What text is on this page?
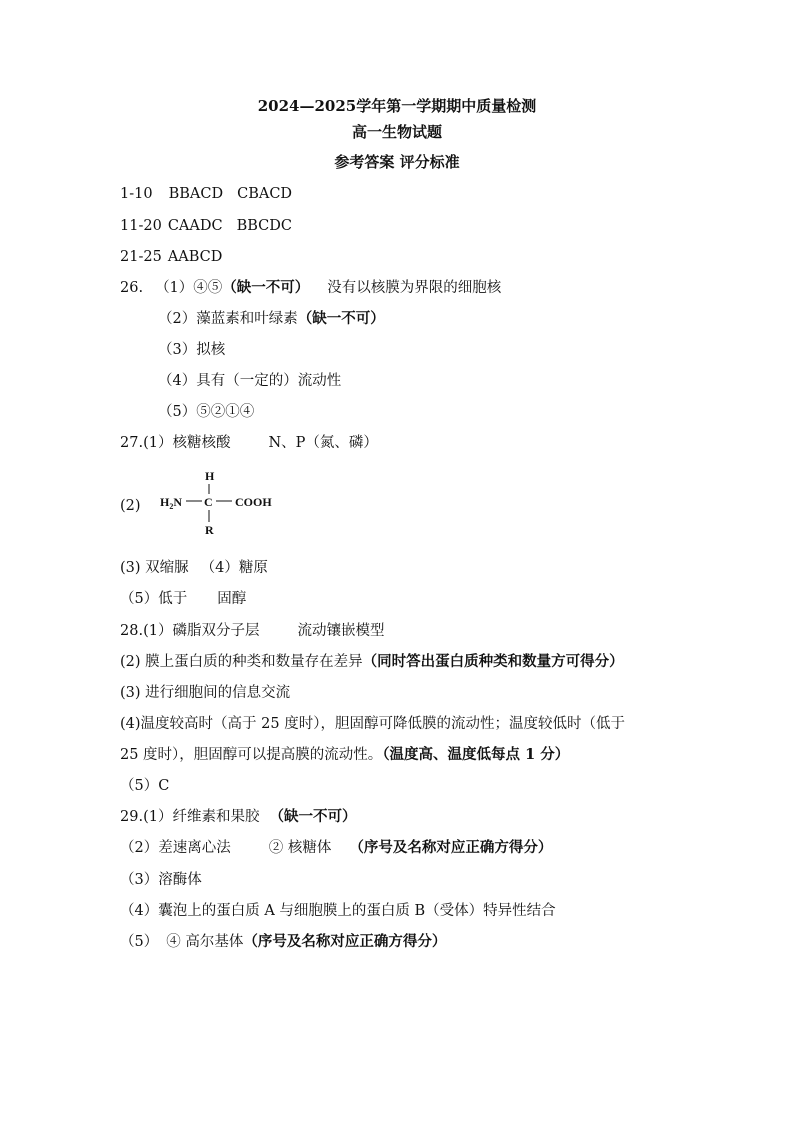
2024—2025学年第一学期期中质量检测
高一生物试题
参考答案 评分标准
1-10 BBACD CBACD
11-20 CAADC BBCDC
21-25 AABCD
26. （1）④⑤（缺一不可） 没有以核膜为界限的细胞核
（2）藻蓝素和叶绿素（缺一不可）
（3）拟核
（4）具有（一定的）流动性
（5）⑤②①④
27.(1）核糖核酸	N、P（氮、磷）
(2)
H
$H_2N$ C COOH
R
(3) 双缩脲 （4）糖原
（5）低于 固醇
28.(1）磷脂双分子层	流动镶嵌模型
(2) 膜上蛋白质的种类和数量存在差异（同时答出蛋白质种类和数量方可得分）
(3) 进行细胞间的信息交流
(4)温度较高时（高于 25 度时），胆固醇可降低膜的流动性；温度较低时（低于
25 度时），胆固醇可以提高膜的流动性。（温度高、温度低每点 1 分）
（5）C
29.(1）纤维素和果胶 （缺一不可）
（2）差速离心法	② 核糖体 （序号及名称对应正确方得分）
（3）溶酶体
（4）囊泡上的蛋白质 A 与细胞膜上的蛋白质 B（受体）特异性结合
（5） ④ 高尔基体（序号及名称对应正确方得分）
